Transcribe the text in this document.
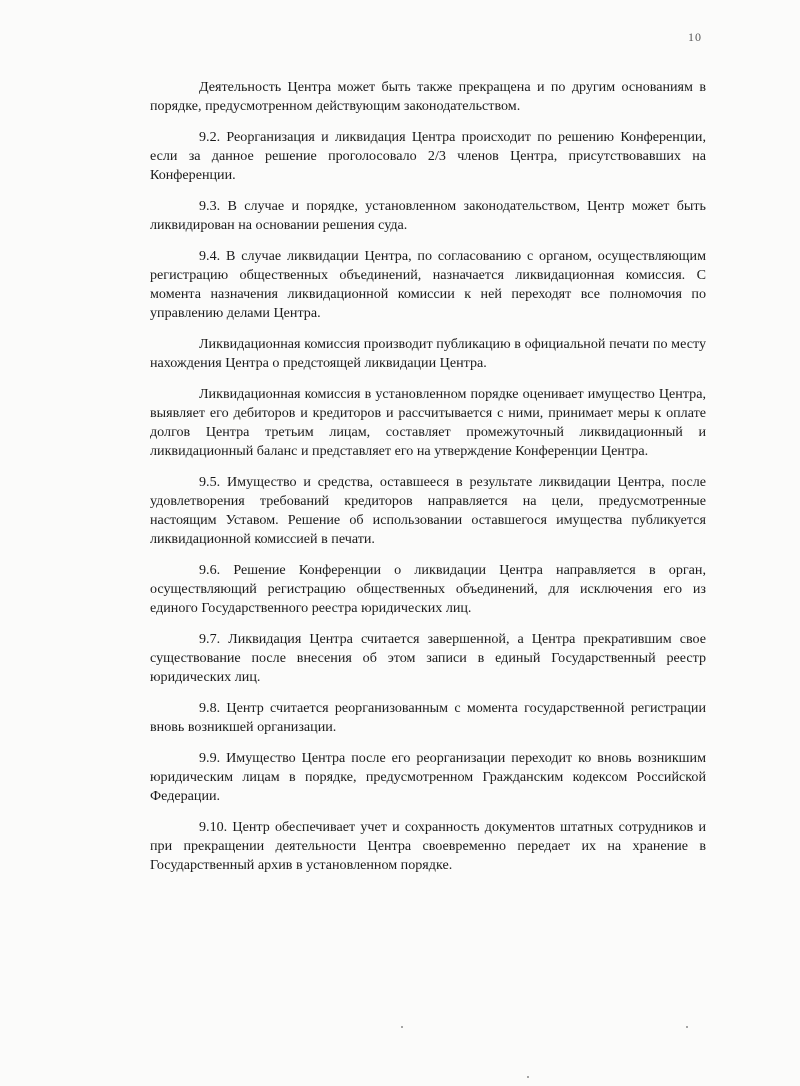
10

Деятельность Центра может быть также прекращена и по другим основаниям в порядке, предусмотренном действующим законодательством.

9.2. Реорганизация и ликвидация Центра происходит по решению Конференции, если за данное решение проголосовало 2/3 членов Центра, присутствовавших на Конференции.

9.3. В случае и порядке, установленном законодательством, Центр может быть ликвидирован на основании решения суда.

9.4. В случае ликвидации Центра, по согласованию с органом, осуществляющим регистрацию общественных объединений, назначается ликвидационная комиссия. С момента назначения ликвидационной комиссии к ней переходят все полномочия по управлению делами Центра.

Ликвидационная комиссия производит публикацию в официальной печати по месту нахождения Центра о предстоящей ликвидации Центра.

Ликвидационная комиссия в установленном порядке оценивает имущество Центра, выявляет его дебиторов и кредиторов и рассчитывается с ними, принимает меры к оплате долгов Центра третьим лицам, составляет промежуточный ликвидационный и ликвидационный баланс и представляет его на утверждение Конференции Центра.

9.5. Имущество и средства, оставшееся в результате ликвидации Центра, после удовлетворения требований кредиторов направляется на цели, предусмотренные настоящим Уставом. Решение об использовании оставшегося имущества публикуется ликвидационной комиссией в печати.

9.6. Решение Конференции о ликвидации Центра направляется в орган, осуществляющий регистрацию общественных объединений, для исключения его из единого Государственного реестра юридических лиц.

9.7. Ликвидация Центра считается завершенной, а Центра прекратившим свое существование после внесения об этом записи в единый Государственный реестр юридических лиц.

9.8. Центр считается реорганизованным с момента государственной регистрации вновь возникшей организации.

9.9. Имущество Центра после его реорганизации переходит ко вновь возникшим юридическим лицам в порядке, предусмотренном Гражданским кодексом Российской Федерации.

9.10. Центр обеспечивает учет и сохранность документов штатных сотрудников и при прекращении деятельности Центра своевременно передает их на хранение в Государственный архив в установленном порядке.
